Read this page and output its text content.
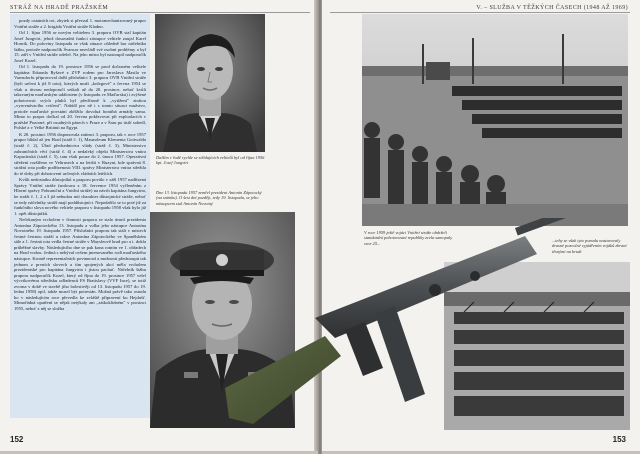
STRÁŽ NA HRADĚ PRAŽSKÉM

pozdy ostatních rot, zbytek si převzal 1. motomechanizovaný prapor Vnitřní stráže a 2. brigáda Vnitřní stráže Kladno.

Od 1. října 1956 se novým velitelem 3. praporu OVB stal kapitán Josef Jungvirt, jehož dosavadní funkci zástupce velitele zaujal Karel Hornik. Do poloviny listopadu se však situace ohledně hor náčelníka štábu, protože nadporučík Švancar nezvládl své osobní problémy a byl 15. září v Vnitřní stráže odešel. Na jeho místo byl nastoupil nadporučík Josef Kozel.

Od 1. listopadu do 19. prosince 1956 se prod dočasném velitele kapitána Eduarda Ryšavé z ZVP rodem pro Jaroslava Masila ve Varnsdorfu připravoval další příslušníci 3. praporu OVB Vnitřní stráže (byli určeni k již 8 rotu), kterých muži „kolegové" z června 1954 se však u útvaru nedoporučí setkali až do 20. prosince, neboť kvůli takzvaným maďarským událostem (v listopadu ve Maďarsku) i zvýšené pohotovosti svých pluků byl předčasně k „vytížení" ztrátou „vyrovnávacího cvičení". Nabídl pro ně i s tomto situaci mužstvo, protože maďarské povstání zkřížilo dovoluá honitbá armády sama. Mimo to prapor dočkal od 20. června pokřavovat při exploalacích v pražské Pozorné, při osudných pásech v Praze a v Šaru po úsilí sobedl, Polské a v Velké Británii na Egypt.

K 20. prosinci 1956 disponovala zatímci 3. praporu, tak v roce 1957 prapor hlídal až jen Hrad (stráž č. 1), Mauzoleum Klementa Gottwalda (stráž č. 2), Úřad předsednictva vlády (stráž č. 3), Ministerstvo zahraničních věcí (stráž č. 4) a nedaleký objekt Ministerstva vnitra Kapucínská (stráž č. 5), tam však pouze do 2. února 1957. Operativní střežení rozšířeno ve Veltrusech a na letišti v Ruzyni, kde správná 8. strážní rota podle podřízenosti VIII. správy Ministerstva vnitra střežila do té doby při dohotovení určených vládních letištích.

Kvůli nedostatku důstojníků u praporu poválo v září 1957 nadřízená Správy Vnitřní stráže (smlouva z 18. července 1954 vyčleněním z Hlavní správy Pohraniční a Vnitřní stráže) na návrh kapitána Jungvirta, ke stráži č. 1, 2 a 3 již nebudou mít charakter důstojnické stráže, neboť se tedy náčelníky stráží mají poddůstojníci. Nepodařilo se to poté již za funkčního slova nového velitele praporu v listopadu 1958 však bylo již 1. opět důstojníků.

Nečekaným vrcholem v činnosti praporu se stalo úmrtí prezidenta Antonína Zápotockého 13. listopadu a volba jeho nástupce Antonína Novotného 19. listopadu 1957. Příslušníci praporu tak stáli v místech čestné čestnou stráží u rakve Antonína Zápotockého ve Španělském sále a 1. čestná rota vedla čestné stráže v Maysleově hrad pro a i. dokla průběžné slavby. Následujícího dne se pak kona rotním ve 1. obřadech na Hrad vodou. Jediná s nebýval ovšem jmenovaného rodí maďarského nástupce. Kromě reprezentačních povinností a možnosti předstoupit tak jednom z prvních slovech a tím spojených akcí měla vrcholem prezidentské pro kapitána Jungvirta i jistou pachuť. Náčelník štábu praporu nadporučík Kozel, který od října do 19. prosince 1957 velel výcvikovému středisku odřadenců FS Bratislavy (VVF Ince), se totiž zvorna v době ve stavbě jiho bolestivěji od 13. listopadu 1957 do 19. ledna 1958) opil, takže musel být potrestán. Možná právě tako ostudu ho v následujícím roce převedla ke zvláště připravení ku Hejdušť. Mimořádná opatření se nějak netýkaly ani „zátkoklidném" v prosinci 1955, neboť z něj se složba

Dalším v řadě rychle se střídajících velitelů byl od října 1956 kpt. Josef Jungvirt
Dne 13. listopadu 1957 zemřel prezident Antonín Zápotocký (na snímku). O šest dní později, tedy 19. listopadu, se jeho nástupcem stal Antonín Novotný
152
V. – SLUŽBA V TĚŽKÝCH ČASECH (1948 AŽ 1969)
V roce 1959 ještě vojáci Vnitřní stráže obdrželi standardní pohotovostní republiky zcela samopaly vzor 25...
...tehy se však tyto pomalu nastavovaly drasné pozvolné vyjádřením vojáků zbraní těsnými na hrudi
153
